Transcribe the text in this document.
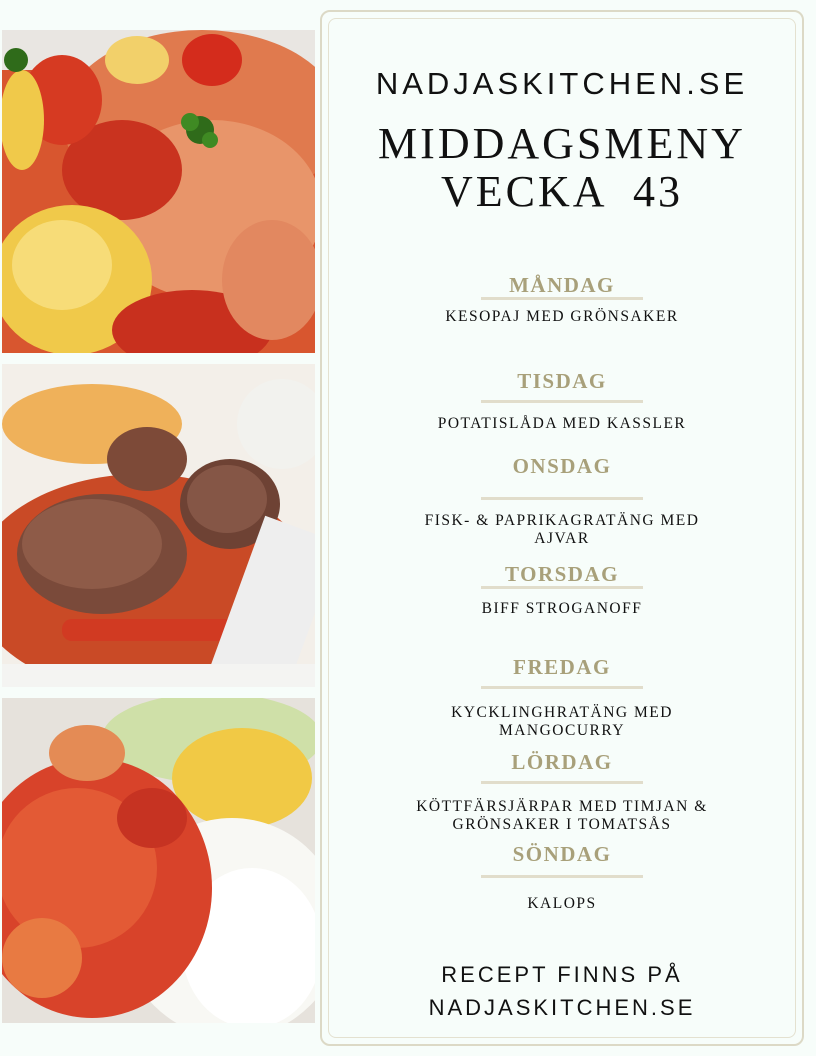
NADJASKITCHEN.SE
MIDDAGSMENY
VECKA  43
MÅNDAG
KESOPAJ MED GRÖNSAKER
TISDAG
POTATISLÅDA MED KASSLER
ONSDAG
FISK- & PAPRIKAGRATÄNG MED AJVAR
TORSDAG
BIFF STROGANOFF
FREDAG
KYCKLINGHRATÄNG MED MANGOCURRY
LÖRDAG
KÖTTFÄRSJÄRPAR MED TIMJAN & GRÖNSAKER I TOMATSÅS
SÖNDAG
KALOPS
RECEPT FINNS PÅ
NADJASKITCHEN.SE
